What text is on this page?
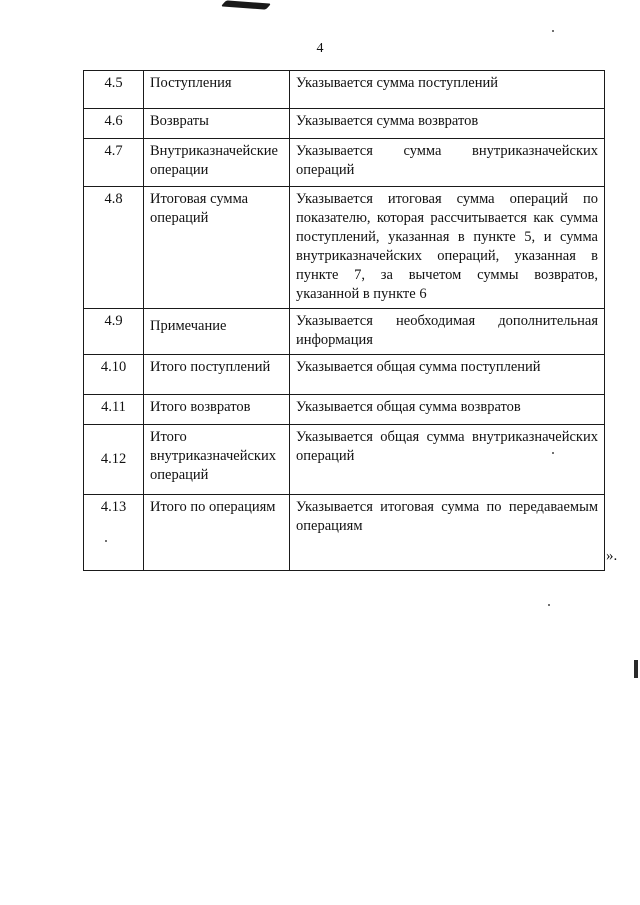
4
4.5	Поступления	Указывается сумма поступлений
4.6	Возвраты	Указывается сумма возвратов
4.7	Внутриказначейские операции	Указывается сумма внутриказначейских операций
4.8	Итоговая сумма операций	Указывается итоговая сумма операций по показателю, которая рассчитывается как сумма поступлений, указанная в пункте 5, и сумма внутриказначейских операций, указанная в пункте 7, за вычетом суммы возвратов, указанной в пункте 6
4.9	Примечание	Указывается необходимая дополнительная информация
4.10	Итого поступлений	Указывается общая сумма поступлений
4.11	Итого возвратов	Указывается общая сумма возвратов
4.12	Итого внутриказначейских операций	Указывается общая сумма внутриказначейских операций
4.13	Итого по операциям	Указывается итоговая сумма по передаваемым операциям
».
